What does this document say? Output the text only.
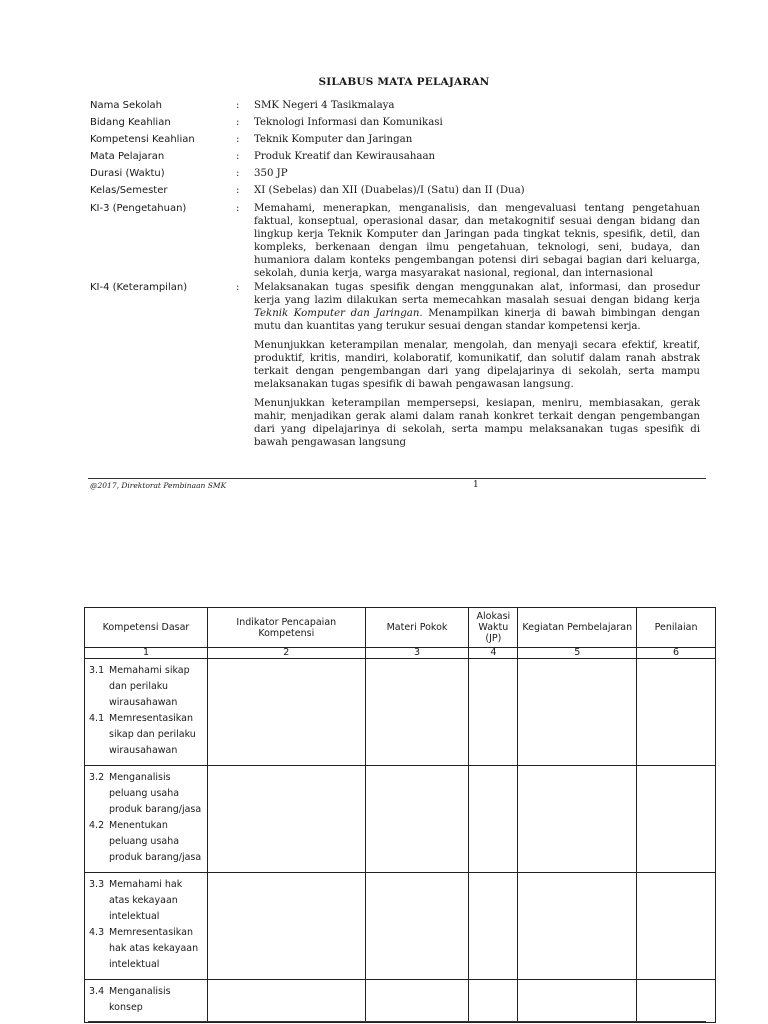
SILABUS MATA PELAJARAN
Nama Sekolah	: SMK Negeri 4 Tasikmalaya
Bidang Keahlian	: Teknologi Informasi dan Komunikasi
Kompetensi Keahlian	: Teknik Komputer dan Jaringan
Mata Pelajaran	: Produk Kreatif dan Kewirausahaan
Durasi (Waktu)	: 350 JP
Kelas/Semester	: XI (Sebelas) dan XII (Duabelas)/I (Satu) dan II (Dua)
KI-3 (Pengetahuan)	: Memahami, menerapkan, menganalisis, dan mengevaluasi tentang pengetahuan faktual, konseptual, operasional dasar, dan metakognitif sesuai dengan bidang dan lingkup kerja Teknik Komputer dan Jaringan pada tingkat teknis, spesifik, detil, dan kompleks, berkenaan dengan ilmu pengetahuan, teknologi, seni, budaya, dan humaniora dalam konteks pengembangan potensi diri sebagai bagian dari keluarga, sekolah, dunia kerja, warga masyarakat nasional, regional, dan internasional

KI-4 (Keterampilan)	: Melaksanakan tugas spesifik dengan menggunakan alat, informasi, dan prosedur kerja yang lazim dilakukan serta memecahkan masalah sesuai dengan bidang kerja Teknik Komputer dan Jaringan. Menampilkan kinerja di bawah bimbingan dengan mutu dan kuantitas yang terukur sesuai dengan standar kompetensi kerja.

Menunjukkan keterampilan menalar, mengolah, dan menyaji secara efektif, kreatif, produktif, kritis, mandiri, kolaboratif, komunikatif, dan solutif dalam ranah abstrak terkait dengan pengembangan dari yang dipelajarinya di sekolah, serta mampu melaksanakan tugas spesifik di bawah pengawasan langsung.

Menunjukkan keterampilan mempersepsi, kesiapan, meniru, membiasakan, gerak mahir, menjadikan gerak alami dalam ranah konkret terkait dengan pengembangan dari yang dipelajarinya di sekolah, serta mampu melaksanakan tugas spesifik di bawah pengawasan langsung

@2017, Direktorat Pembinaan SMK	1
Kompetensi Dasar	Indikator Pencapaian Kompetensi	Materi Pokok	Alokasi Waktu (JP)	Kegiatan Pembelajaran	Penilaian
1	2	3	4	5	6

3.1 Memahami sikap dan perilaku wirausahawan
4.1 Memresentasikan sikap dan perilaku wirausahawan					

3.2 Menganalisis peluang usaha produk barang/jasa
4.2 Menentukan peluang usaha produk barang/jasa					

3.3 Memahami hak atas kekayaan intelektual
4.3 Memresentasikan hak atas kekayaan intelektual					

3.4 Menganalisis konsep					
